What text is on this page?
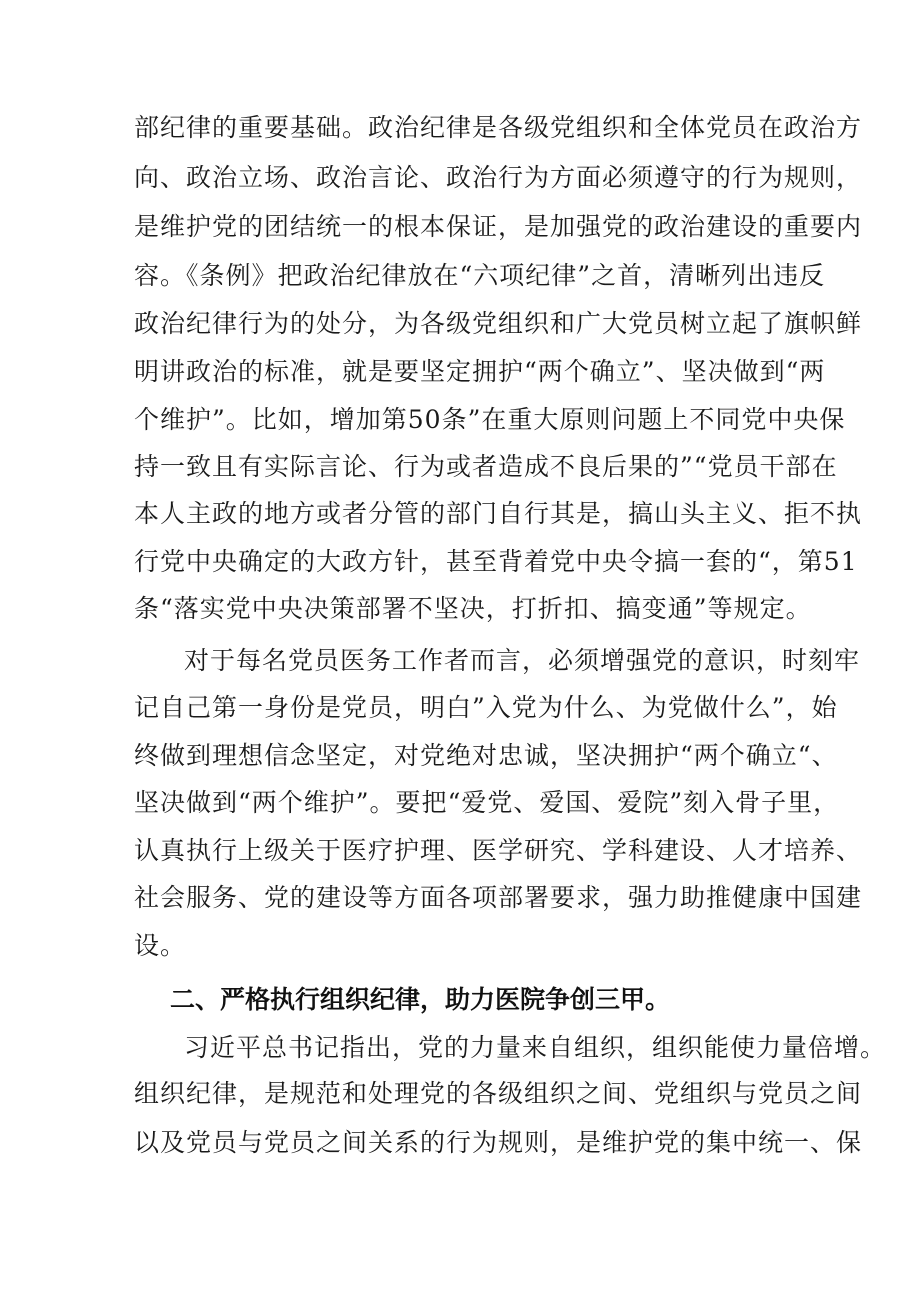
部纪律的重要基础。政治纪律是各级党组织和全体党员在政治方
向、政治立场、政治言论、政治行为方面必须遵守的行为规则，
是维护党的团结统一的根本保证，是加强党的政治建设的重要内
容。《条例》把政治纪律放在“六项纪律”之首，清晰列出违反
政治纪律行为的处分，为各级党组织和广大党员树立起了旗帜鲜
明讲政治的标准，就是要坚定拥护“两个确立”、坚决做到“两
个维护”。比如，增加第50条”在重大原则问题上不同党中央保
持一致且有实际言论、行为或者造成不良后果的”“党员干部在
本人主政的地方或者分管的部门自行其是，搞山头主义、拒不执
行党中央确定的大政方针，甚至背着党中央令搞一套的“，第51
条“落实党中央决策部署不坚决，打折扣、搞变通”等规定。
对于每名党员医务工作者而言，必须增强党的意识，时刻牢
记自己第一身份是党员，明白”入党为什么、为党做什么”，始
终做到理想信念坚定，对党绝对忠诚，坚决拥护“两个确立“、
坚决做到“两个维护”。要把“爱党、爱国、爱院”刻入骨子里，
认真执行上级关于医疗护理、医学研究、学科建设、人才培养、
社会服务、党的建设等方面各项部署要求，强力助推健康中国建
设。
二、严格执行组织纪律，助力医院争创三甲。
习近平总书记指出，党的力量来自组织，组织能使力量倍增。
组织纪律，是规范和处理党的各级组织之间、党组织与党员之间
以及党员与党员之间关系的行为规则，是维护党的集中统一、保
